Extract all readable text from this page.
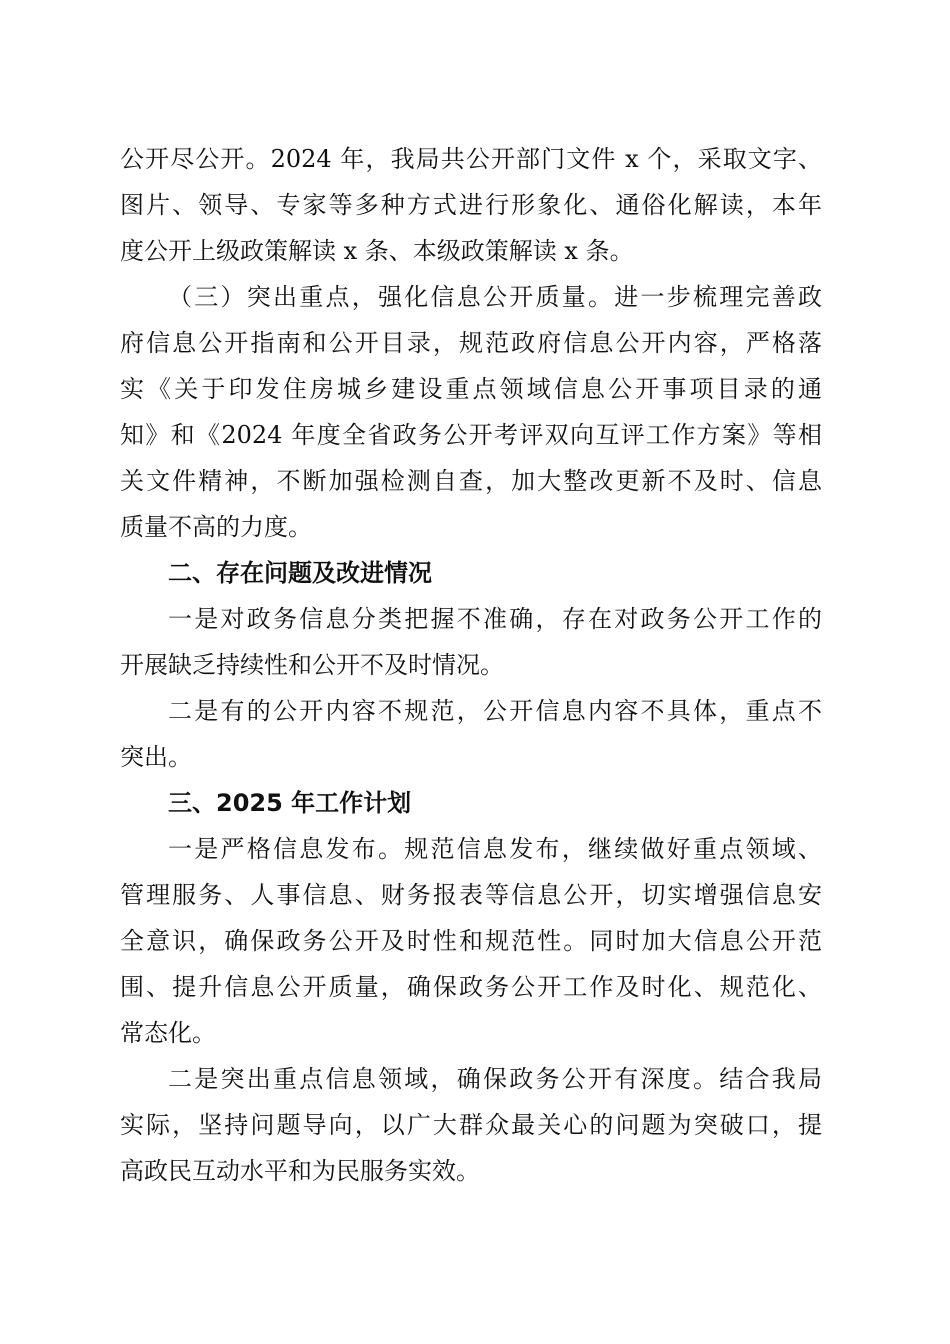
公开尽公开。2024 年，我局共公开部门文件 x 个，采取文字、
图片、领导、专家等多种方式进行形象化、通俗化解读，本年
度公开上级政策解读 x 条、本级政策解读 x 条。
（三）突出重点，强化信息公开质量。进一步梳理完善政
府信息公开指南和公开目录，规范政府信息公开内容，严格落
实《关于印发住房城乡建设重点领域信息公开事项目录的通
知》和《2024 年度全省政务公开考评双向互评工作方案》等相
关文件精神，不断加强检测自查，加大整改更新不及时、信息
质量不高的力度。
二、存在问题及改进情况
一是对政务信息分类把握不准确，存在对政务公开工作的
开展缺乏持续性和公开不及时情况。
二是有的公开内容不规范，公开信息内容不具体，重点不
突出。
三、2025 年工作计划
一是严格信息发布。规范信息发布，继续做好重点领域、
管理服务、人事信息、财务报表等信息公开，切实增强信息安
全意识，确保政务公开及时性和规范性。同时加大信息公开范
围、提升信息公开质量，确保政务公开工作及时化、规范化、
常态化。
二是突出重点信息领域，确保政务公开有深度。结合我局
实际，坚持问题导向，以广大群众最关心的问题为突破口，提
高政民互动水平和为民服务实效。
